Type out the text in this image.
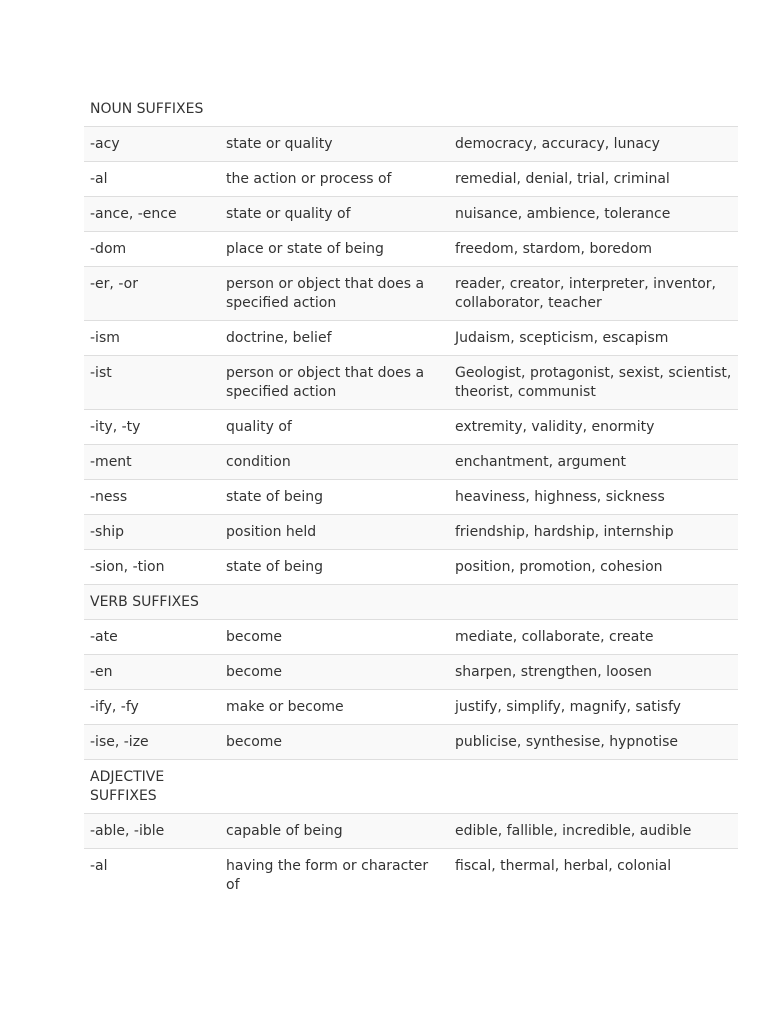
NOUN SUFFIXES		
-acy	state or quality	democracy, accuracy, lunacy
-al	the action or process of	remedial, denial, trial, criminal
-ance, -ence	state or quality of	nuisance, ambience, tolerance
-dom	place or state of being	freedom, stardom, boredom
-er, -or	person or object that does a specified action	reader, creator, interpreter, inventor, collaborator, teacher
-ism	doctrine, belief	Judaism, scepticism, escapism
-ist	person or object that does a specified action	Geologist, protagonist, sexist, scientist, theorist, communist
-ity, -ty	quality of	extremity, validity, enormity
-ment	condition	enchantment, argument
-ness	state of being	heaviness, highness, sickness
-ship	position held	friendship, hardship, internship
-sion, -tion	state of being	position, promotion, cohesion
VERB SUFFIXES		
-ate	become	mediate, collaborate, create
-en	become	sharpen, strengthen, loosen
-ify, -fy	make or become	justify, simplify, magnify, satisfy
-ise, -ize	become	publicise, synthesise, hypnotise
ADJECTIVE SUFFIXES		
-able, -ible	capable of being	edible, fallible, incredible, audible
-al	having the form or character of	fiscal, thermal, herbal, colonial
